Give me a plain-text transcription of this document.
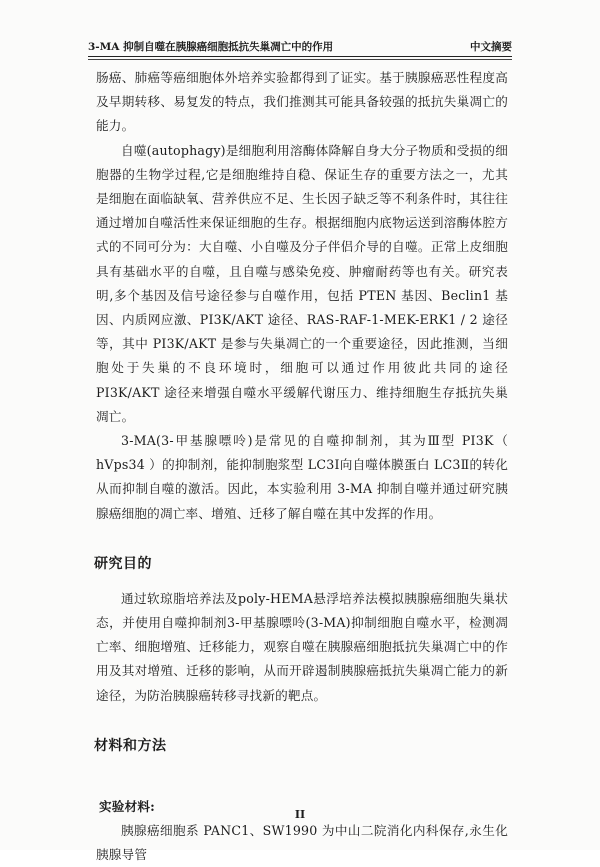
3-MA 抑制自噬在胰腺癌细胞抵抗失巢凋亡中的作用	中文摘要

肠癌、肺癌等癌细胞体外培养实验都得到了证实。基于胰腺癌恶性程度高及早期转移、易复发的特点，我们推测其可能具备较强的抵抗失巢凋亡的能力。

自噬(autophagy)是细胞利用溶酶体降解自身大分子物质和受损的细胞器的生物学过程,它是细胞维持自稳、保证生存的重要方法之一，尤其是细胞在面临缺氧、营养供应不足、生长因子缺乏等不利条件时，其往往通过增加自噬活性来保证细胞的生存。根据细胞内底物运送到溶酶体腔方式的不同可分为：大自噬、小自噬及分子伴侣介导的自噬。正常上皮细胞具有基础水平的自噬，且自噬与感染免疫、肿瘤耐药等也有关。研究表明,多个基因及信号途径参与自噬作用，包括 PTEN 基因、Beclin1 基因、内质网应激、PI3K/AKT 途径、RAS-RAF-1-MEK-ERK1 / 2 途径等，其中 PI3K/AKT 是参与失巢凋亡的一个重要途径，因此推测，当细胞处于失巢的不良环境时，细胞可以通过作用彼此共同的途径 PI3K/AKT 途径来增强自噬水平缓解代谢压力、维持细胞生存抵抗失巢凋亡。

3-MA(3-甲基腺嘌呤)是常见的自噬抑制剂，其为Ⅲ型 PI3K（ hVps34 ）的抑制剂，能抑制胞浆型 LC3Ⅰ向自噬体膜蛋白 LC3Ⅱ的转化从而抑制自噬的激活。因此，本实验利用 3-MA 抑制自噬并通过研究胰腺癌细胞的凋亡率、增殖、迁移了解自噬在其中发挥的作用。

研究目的

通过软琼脂培养法及poly-HEMA悬浮培养法模拟胰腺癌细胞失巢状态，并使用自噬抑制剂3-甲基腺嘌呤(3-MA)抑制细胞自噬水平，检测凋亡率、细胞增殖、迁移能力，观察自噬在胰腺癌细胞抵抗失巢凋亡中的作用及其对增殖、迁移的影响，从而开辟遏制胰腺癌抵抗失巢凋亡能力的新途径，为防治胰腺癌转移寻找新的靶点。

材料和方法

实验材料:

胰腺癌细胞系 PANC1、SW1990 为中山二院消化内科保存,永生化胰腺导管

II
